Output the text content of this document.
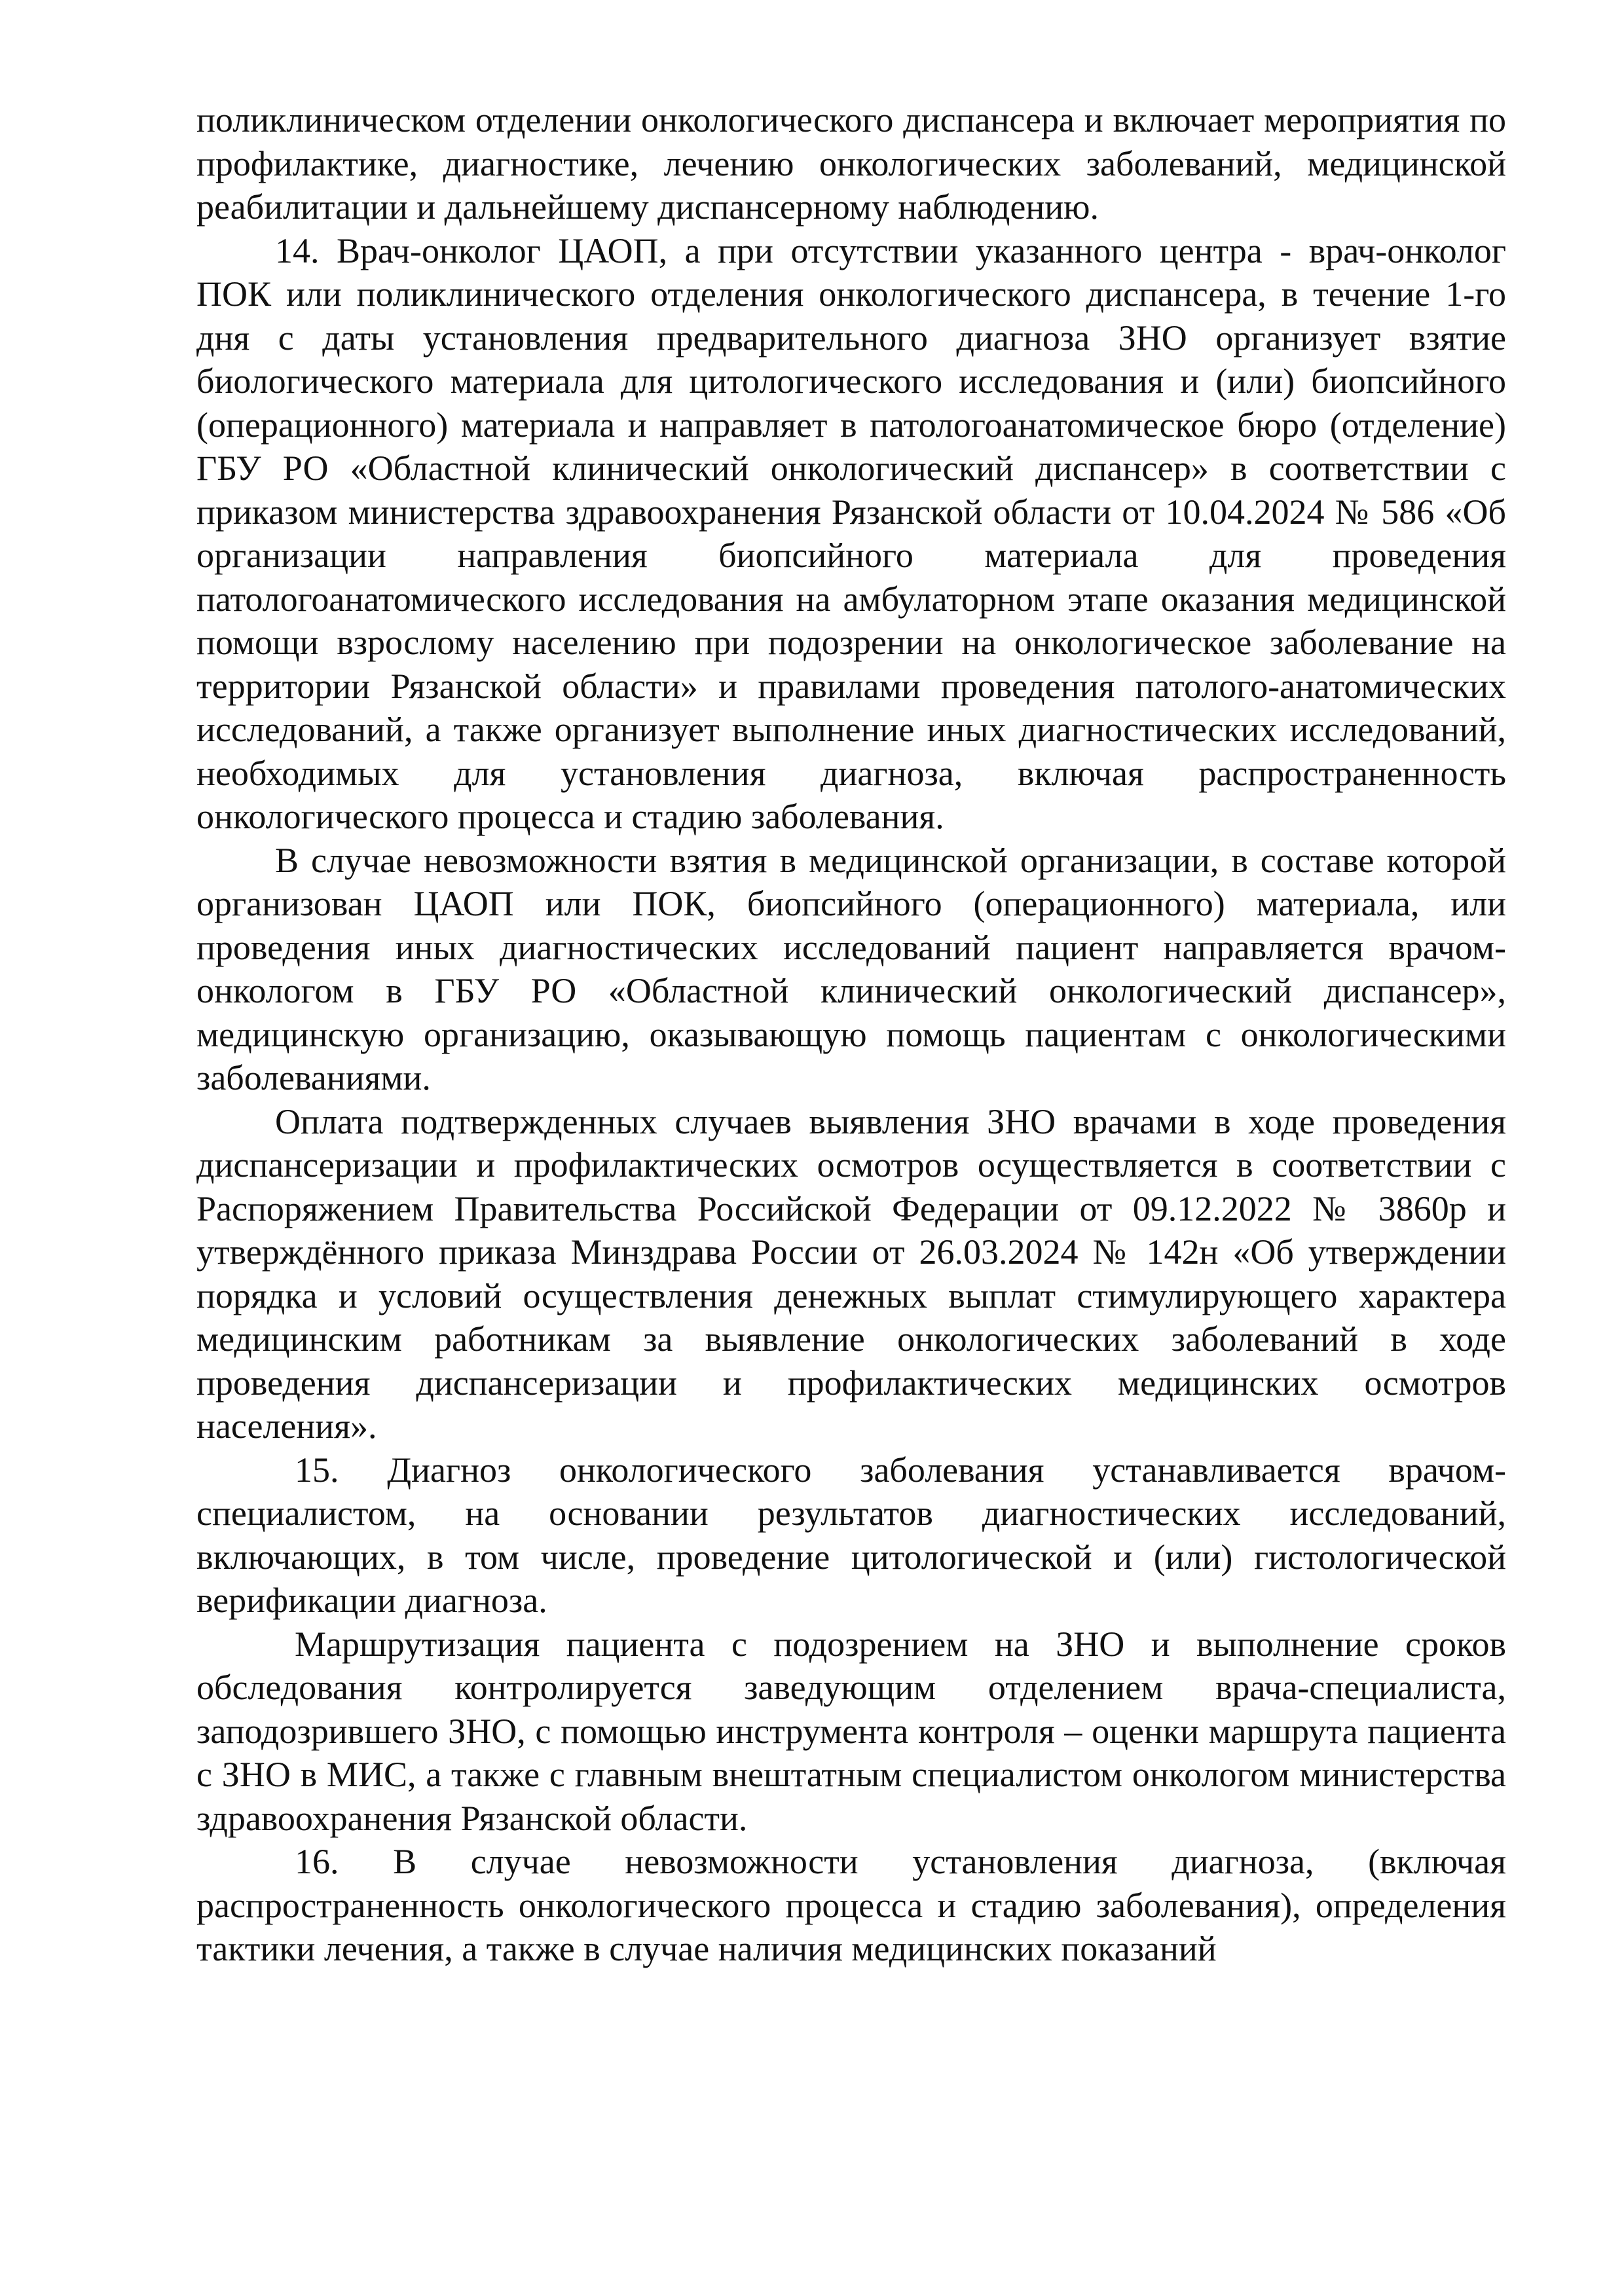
поликлиническом отделении онкологического диспансера и включает мероприятия по профилактике, диагностике, лечению онкологических заболеваний, медицинской реабилитации и дальнейшему диспансерному наблюдению.

14. Врач-онколог ЦАОП, а при отсутствии указанного центра - врач-онколог ПОК или поликлинического отделения онкологического диспансера, в течение 1-го дня с даты установления предварительного диагноза ЗНО организует взятие биологического материала для цитологического исследования и (или) биопсийного (операционного) материала и направляет в патологоанатомическое бюро (отделение) ГБУ РО «Областной клинический онкологический диспансер» в соответствии с приказом министерства здравоохранения Рязанской области от 10.04.2024 № 586 «Об организации направления биопсийного материала для проведения патологоанатомического исследования на амбулаторном этапе оказания медицинской помощи взрослому населению при подозрении на онкологическое заболевание на территории Рязанской области» и правилами проведения патолого-анатомических исследований, а также организует выполнение иных диагностических исследований, необходимых для установления диагноза, включая распространенность онкологического процесса и стадию заболевания.

В случае невозможности взятия в медицинской организации, в составе которой организован ЦАОП или ПОК, биопсийного (операционного) материала, или проведения иных диагностических исследований пациент направляется врачом-онкологом в ГБУ РО «Областной клинический онкологический диспансер», медицинскую организацию, оказывающую помощь пациентам с онкологическими заболеваниями.

Оплата подтвержденных случаев выявления ЗНО врачами в ходе проведения диспансеризации и профилактических осмотров осуществляется в соответствии с Распоряжением Правительства Российской Федерации от 09.12.2022 № 3860р и утверждённого приказа Минздрава России от 26.03.2024 № 142н «Об утверждении порядка и условий осуществления денежных выплат стимулирующего характера медицинским работникам за выявление онкологических заболеваний в ходе проведения диспансеризации и профилактических медицинских осмотров населения».

15. Диагноз онкологического заболевания устанавливается врачом-специалистом, на основании результатов диагностических исследований, включающих, в том числе, проведение цитологической и (или) гистологической верификации диагноза.

Маршрутизация пациента с подозрением на ЗНО и выполнение сроков обследования контролируется заведующим отделением врача-специалиста, заподозрившего ЗНО, с помощью инструмента контроля – оценки маршрута пациента с ЗНО в МИС, а также с главным внештатным специалистом онкологом министерства здравоохранения Рязанской области.

16. В случае невозможности установления диагноза, (включая распространенность онкологического процесса и стадию заболевания), определения тактики лечения, а также в случае наличия медицинских показаний
